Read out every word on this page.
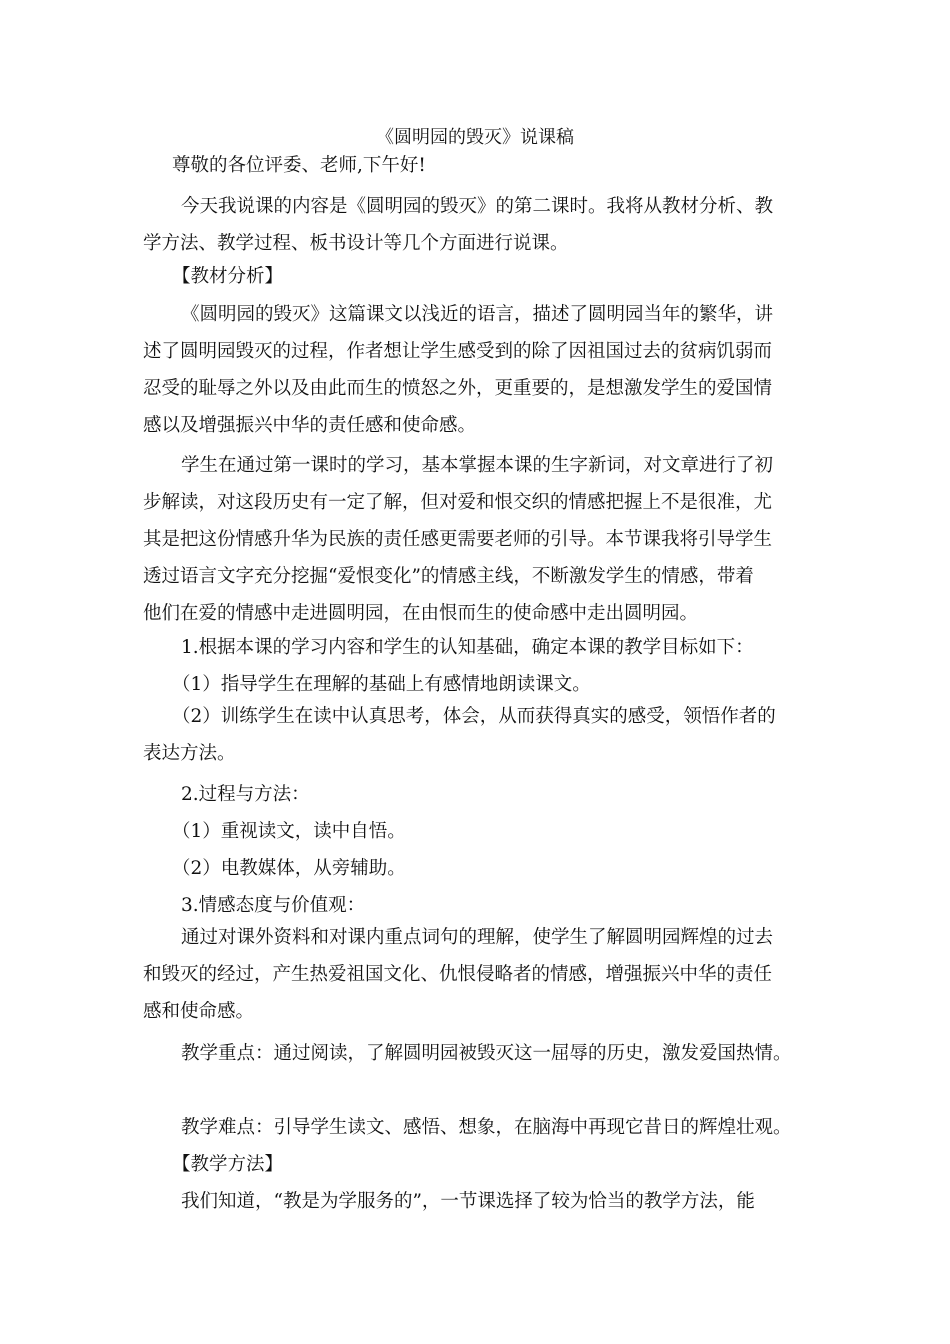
《圆明园的毁灭》说课稿

尊敬的各位评委、老师,下午好!

今天我说课的内容是《圆明园的毁灭》的第二课时。我将从教材分析、教
学方法、教学过程、板书设计等几个方面进行说课。

【教材分析】

《圆明园的毁灭》这篇课文以浅近的语言，描述了圆明园当年的繁华，讲
述了圆明园毁灭的过程，作者想让学生感受到的除了因祖国过去的贫病饥弱而
忍受的耻辱之外以及由此而生的愤怒之外，更重要的，是想激发学生的爱国情
感以及增强振兴中华的责任感和使命感。

学生在通过第一课时的学习，基本掌握本课的生字新词，对文章进行了初
步解读，对这段历史有一定了解，但对爱和恨交织的情感把握上不是很准，尤
其是把这份情感升华为民族的责任感更需要老师的引导。本节课我将引导学生
透过语言文字充分挖掘“爱恨变化”的情感主线，不断激发学生的情感，带着
他们在爱的情感中走进圆明园，在由恨而生的使命感中走出圆明园。

1.根据本课的学习内容和学生的认知基础，确定本课的教学目标如下：

（1）指导学生在理解的基础上有感情地朗读课文。

（2）训练学生在读中认真思考，体会，从而获得真实的感受，领悟作者的
表达方法。

2.过程与方法：

（1）重视读文，读中自悟。

（2）电教媒体，从旁辅助。

3.情感态度与价值观：

通过对课外资料和对课内重点词句的理解，使学生了解圆明园辉煌的过去
和毁灭的经过，产生热爱祖国文化、仇恨侵略者的情感，增强振兴中华的责任
感和使命感。

教学重点：通过阅读，了解圆明园被毁灭这一屈辱的历史，激发爱国热情。

教学难点：引导学生读文、感悟、想象，在脑海中再现它昔日的辉煌壮观。

【教学方法】

我们知道，“教是为学服务的”，一节课选择了较为恰当的教学方法，能
